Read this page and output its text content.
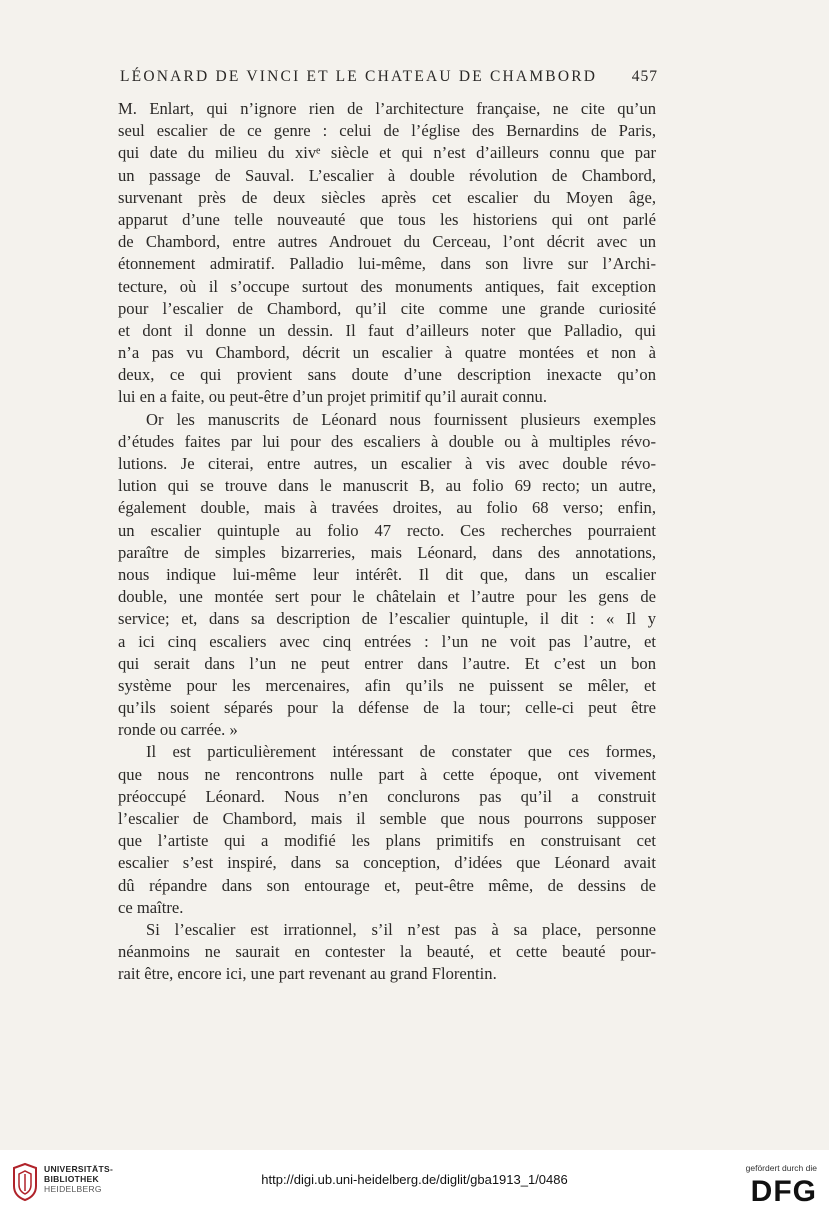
LÉONARD DE VINCI ET LE CHATEAU DE CHAMBORD 457
M. Enlart, qui n’ignore rien de l’architecture française, ne cite qu’un
seul escalier de ce genre : celui de l’église des Bernardins de Paris,
qui date du milieu du xivᵉ siècle et qui n’est d’ailleurs connu que par
un passage de Sauval. L’escalier à double révolution de Chambord,
survenant près de deux siècles après cet escalier du Moyen âge,
apparut d’une telle nouveauté que tous les historiens qui ont parlé
de Chambord, entre autres Androuet du Cerceau, l’ont décrit avec un
étonnement admiratif. Palladio lui-même, dans son livre sur l’Archi-
tecture, où il s’occupe surtout des monuments antiques, fait exception
pour l’escalier de Chambord, qu’il cite comme une grande curiosité
et dont il donne un dessin. Il faut d’ailleurs noter que Palladio, qui
n’a pas vu Chambord, décrit un escalier à quatre montées et non à
deux, ce qui provient sans doute d’une description inexacte qu’on
lui en a faite, ou peut-être d’un projet primitif qu’il aurait connu.
Or les manuscrits de Léonard nous fournissent plusieurs exemples
d’études faites par lui pour des escaliers à double ou à multiples révo-
lutions. Je citerai, entre autres, un escalier à vis avec double révo-
lution qui se trouve dans le manuscrit B, au folio 69 recto; un autre,
également double, mais à travées droites, au folio 68 verso; enfin,
un escalier quintuple au folio 47 recto. Ces recherches pourraient
paraître de simples bizarreries, mais Léonard, dans des annotations,
nous indique lui-même leur intérêt. Il dit que, dans un escalier
double, une montée sert pour le châtelain et l’autre pour les gens de
service; et, dans sa description de l’escalier quintuple, il dit : « Il y
a ici cinq escaliers avec cinq entrées : l’un ne voit pas l’autre, et
qui serait dans l’un ne peut entrer dans l’autre. Et c’est un bon
système pour les mercenaires, afin qu’ils ne puissent se mêler, et
qu’ils soient séparés pour la défense de la tour; celle-ci peut être
ronde ou carrée. »
Il est particulièrement intéressant de constater que ces formes,
que nous ne rencontrons nulle part à cette époque, ont vivement
préoccupé Léonard. Nous n’en conclurons pas qu’il a construit
l’escalier de Chambord, mais il semble que nous pourrons supposer
que l’artiste qui a modifié les plans primitifs en construisant cet
escalier s’est inspiré, dans sa conception, d’idées que Léonard avait
dû répandre dans son entourage et, peut-être même, de dessins de
ce maître.
Si l’escalier est irrationnel, s’il n’est pas à sa place, personne
néanmoins ne saurait en contester la beauté, et cette beauté pour-
rait être, encore ici, une part revenant au grand Florentin.
UNIVERSITÄTS-
BIBLIOTHEK
HEIDELBERG
http://digi.ub.uni-heidelberg.de/diglit/gba1913_1/0486
gefördert durch die
DFG
